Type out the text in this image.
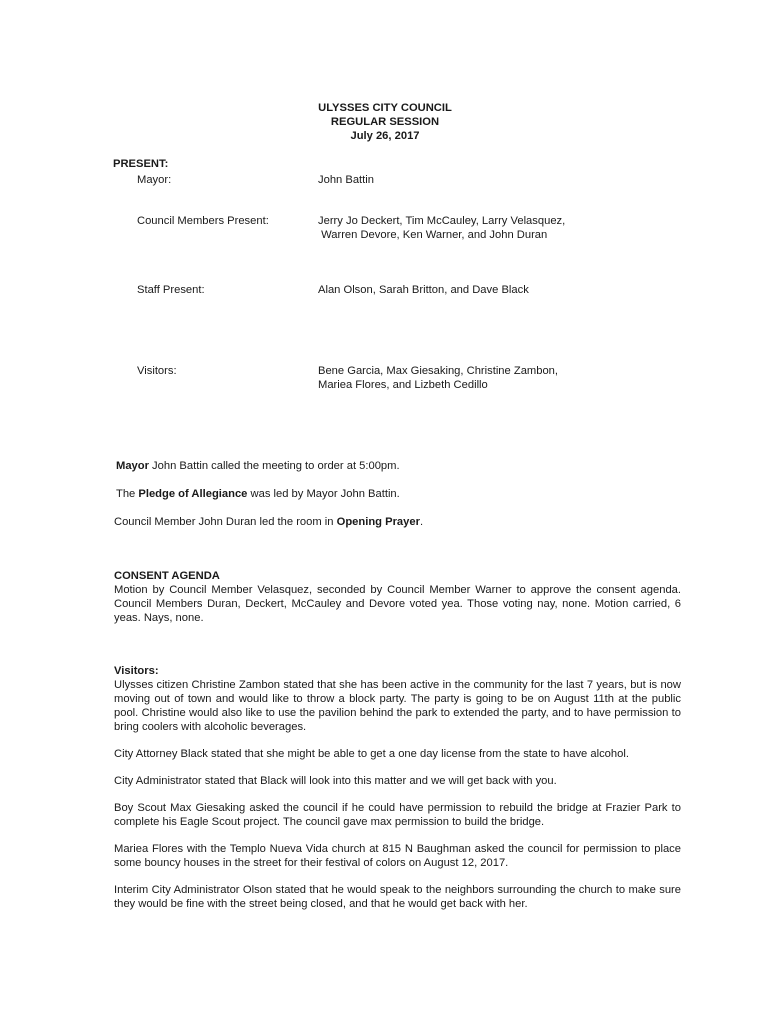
ULYSSES CITY COUNCIL
REGULAR SESSION
July 26, 2017
PRESENT:
Mayor:	John Battin
Council Members Present:	Jerry Jo Deckert, Tim McCauley, Larry Velasquez,
Warren Devore, Ken Warner, and John Duran
Staff Present:	Alan Olson, Sarah Britton, and Dave Black
Visitors:	Bene Garcia, Max Giesaking, Christine Zambon,
Mariea Flores, and Lizbeth Cedillo
Mayor John Battin called the meeting to order at 5:00pm.
The Pledge of Allegiance was led by Mayor John Battin.
Council Member John Duran led the room in Opening Prayer.

CONSENT AGENDA

Motion by Council Member Velasquez, seconded by Council Member Warner to approve the consent agenda. Council Members Duran, Deckert, McCauley and Devore voted yea. Those voting nay, none. Motion carried, 6 yeas. Nays, none.

Visitors:

Ulysses citizen Christine Zambon stated that she has been active in the community for the last 7 years, but is now moving out of town and would like to throw a block party. The party is going to be on August 11th at the public pool. Christine would also like to use the pavilion behind the park to extended the party, and to have permission to bring coolers with alcoholic beverages.

City Attorney Black stated that she might be able to get a one day license from the state to have alcohol.

City Administrator stated that Black will look into this matter and we will get back with you.

Boy Scout Max Giesaking asked the council if he could have permission to rebuild the bridge at Frazier Park to complete his Eagle Scout project. The council gave max permission to build the bridge.

Mariea Flores with the Templo Nueva Vida church at 815 N Baughman asked the council for permission to place some bouncy houses in the street for their festival of colors on August 12, 2017.

Interim City Administrator Olson stated that he would speak to the neighbors surrounding the church to make sure they would be fine with the street being closed, and that he would get back with her.
